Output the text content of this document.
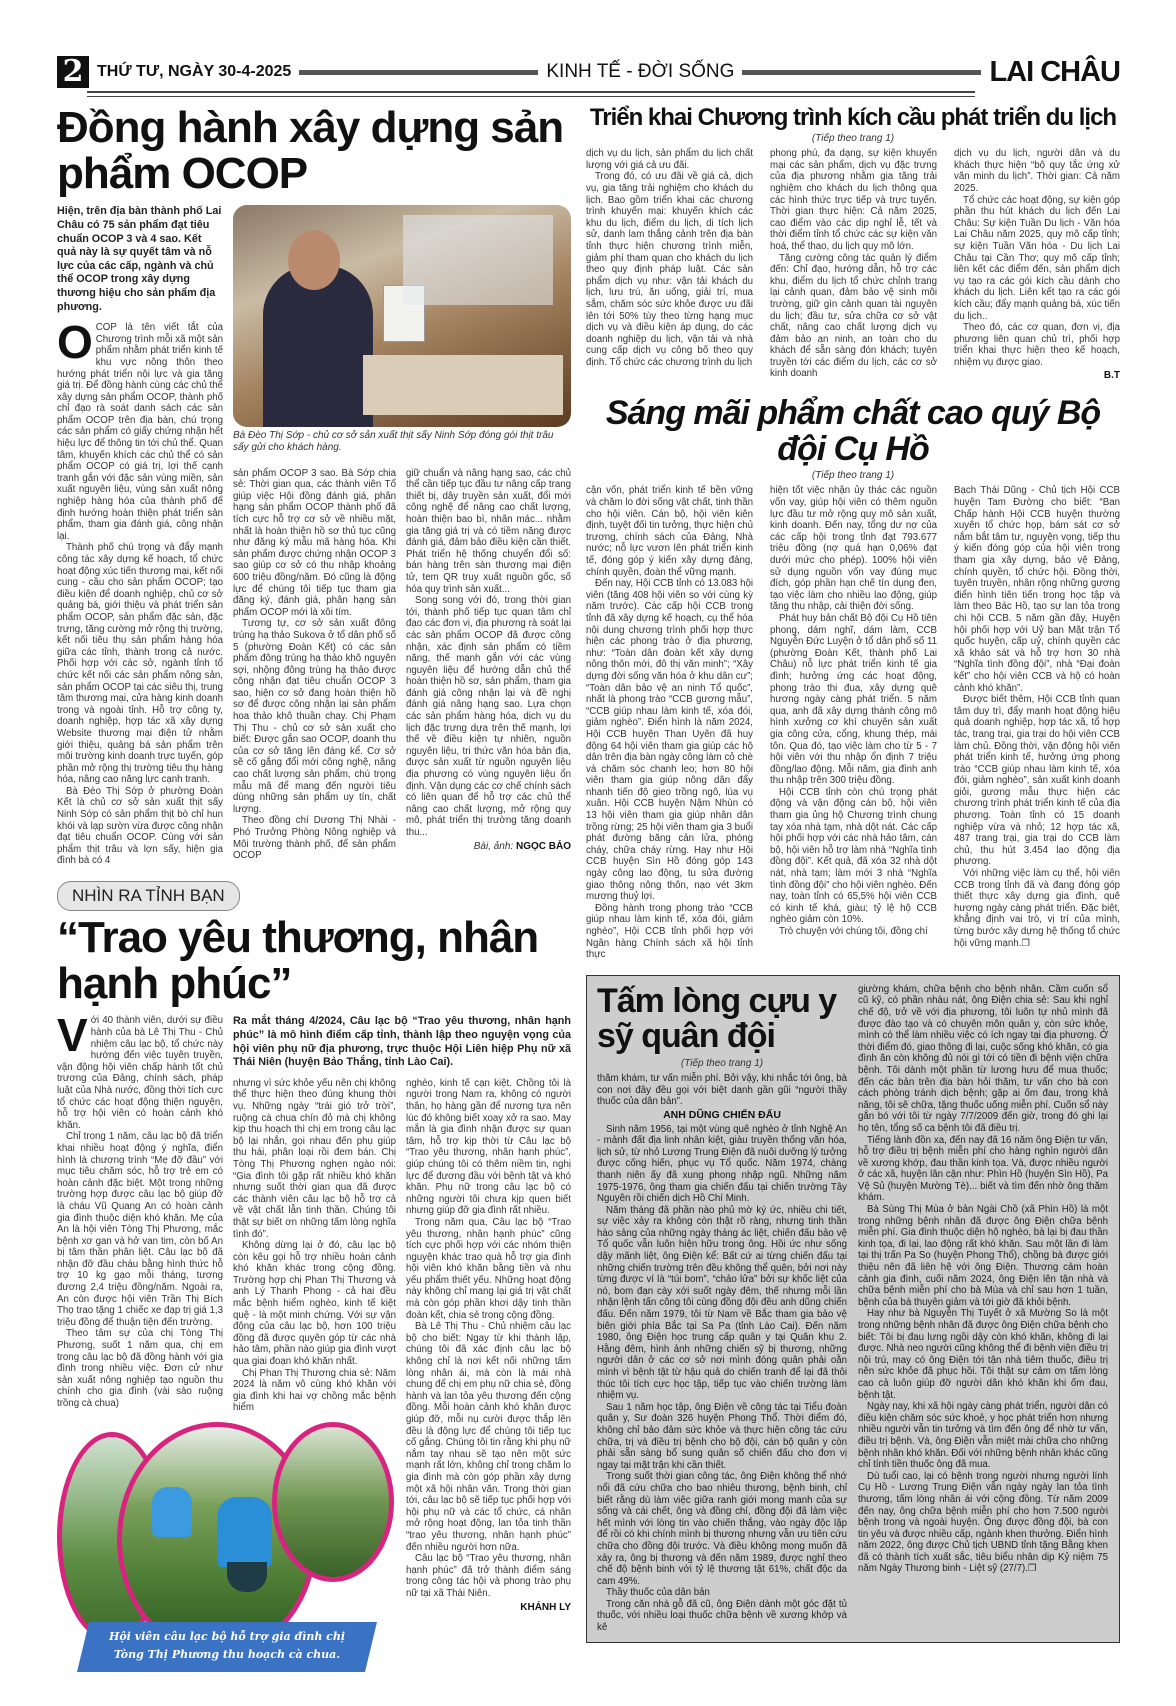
2 THỨ TƯ, NGÀY 30-4-2025	KINH TẾ - ĐỜI SỐNG	LAI CHÂU
Đồng hành xây dựng sản phẩm OCOP
Hiện, trên địa bàn thành phố Lai Châu có 75 sản phẩm đạt tiêu chuẩn OCOP 3 và 4 sao. Kết quả này là sự quyết tâm và nỗ lực của các cấp, ngành và chủ thể OCOP trong xây dựng thương hiệu cho sản phẩm địa phương.
O COP là tên viết tắt của Chương trình mỗi xã một sản phẩm nhằm phát triển kinh tế khu vực nông thôn theo hướng phát triển nội lực và gia tăng giá trị. Để đồng hành cùng các chủ thể xây dựng sản phẩm OCOP, thành phố chỉ đạo rà soát danh sách các sản phẩm OCOP trên địa bàn, chú trọng các sản phẩm có giấy chứng nhận hết hiệu lực để thông tin tới chủ thể. Quan tâm, khuyến khích các chủ thể có sản phẩm OCOP có giá trị, lợi thế cạnh tranh gắn với đặc sản vùng miền, sản xuất nguyên liệu, vùng sản xuất nông nghiệp hàng hóa của thành phố để định hướng hoàn thiện phát triển sản phẩm, tham gia đánh giá, công nhận lại.

Thành phố chú trọng và đẩy mạnh công tác xây dựng kế hoạch, tổ chức hoạt động xúc tiến thương mại, kết nối cung - cầu cho sản phẩm OCOP; tạo điều kiện để doanh nghiệp, chủ cơ sở quảng bá, giới thiệu và phát triển sản phẩm OCOP, sản phẩm đặc sản, đặc trưng, tăng cường mở rộng thị trường, kết nối tiêu thụ sản phẩm hàng hóa giữa các tỉnh, thành trong cả nước. Phối hợp với các sở, ngành tỉnh tổ chức kết nối các sản phẩm nông sản, sản phẩm OCOP tại các siêu thị, trung tâm thương mại, cửa hàng kinh doanh trong và ngoài tỉnh. Hỗ trợ công ty, doanh nghiệp, hợp tác xã xây dựng Website thương mại điện tử nhằm giới thiệu, quảng bá sản phẩm trên môi trường kinh doanh trực tuyến, góp phần mở rộng thị trường tiêu thụ hàng hóa, nâng cao năng lực cạnh tranh.

Bà Đèo Thị Sớp ở phường Đoàn Kết là chủ cơ sở sản xuất thịt sấy Ninh Sớp có sản phẩm thịt bò chỉ hun khói và lạp sườn vừa được công nhận đạt tiêu chuẩn OCOP. Cùng với sản phẩm thịt trâu và lợn sấy, hiện gia đình bà có 4

Bà Đèo Thị Sớp - chủ cơ sở sản xuất thịt sấy Ninh Sớp đóng gói thịt trâu sấy gửi cho khách hàng.

sản phẩm OCOP 3 sao. Bà Sớp chia sẻ: Thời gian qua, các thành viên Tổ giúp việc Hội đồng đánh giá, phân hạng sản phẩm OCOP thành phố đã tích cực hỗ trợ cơ sở về nhiều mặt, nhất là hoàn thiện hồ sơ thủ tục cũng như đăng ký mẫu mã hàng hóa. Khi sản phẩm được chứng nhận OCOP 3 sao giúp cơ sở có thu nhập khoảng 600 triệu đồng/năm. Đó cũng là động lực để chúng tôi tiếp tục tham gia đăng ký, đánh giá, phân hạng sản phẩm OCOP mới là xôi tím.

Tương tự, cơ sở sản xuất đông trùng hạ thảo Sukova ở tổ dân phố số 5 (phường Đoàn Kết) có các sản phẩm đông trùng hạ thảo khô nguyên sợi, nhộng đông trùng hạ thảo được công nhận đạt tiêu chuẩn OCOP 3 sao, hiện cơ sở đang hoàn thiện hồ sơ để được công nhận lại sản phẩm hoa thảo khô thuần chay. Chị Phạm Thị Thu - chủ cơ sở sản xuất cho biết: Được gắn sao OCOP, doanh thu của cơ sở tăng lên đáng kể. Cơ sở sẽ cố gắng đổi mới công nghệ, nâng cao chất lượng sản phẩm, chú trọng mẫu mã để mang đến người tiêu dùng những sản phẩm uy tín, chất lượng.

Theo đồng chí Dương Thị Nhài - Phó Trưởng Phòng Nông nghiệp và Môi trường thành phố, để sản phẩm OCOP

giữ chuẩn và nâng hạng sao, các chủ thể cần tiếp tục đầu tư nâng cấp trang thiết bị, dây truyền sản xuất, đổi mới công nghệ để nâng cao chất lượng, hoàn thiện bao bì, nhãn mác... nhằm gia tăng giá trị và có tiềm năng được đánh giá, đảm bảo điều kiện cần thiết. Phát triển hệ thống chuyển đổi số: bán hàng trên sàn thương mại điện tử, tem QR truy xuất nguồn gốc, số hóa quy trình sản xuất...

Song song với đó, trong thời gian tới, thành phố tiếp tục quan tâm chỉ đạo các đơn vị, địa phương rà soát lại các sản phẩm OCOP đã được công nhận, xác định sản phẩm có tiềm năng, thế mạnh gắn với các vùng nguyên liệu để hướng dẫn chủ thể hoàn thiện hồ sơ, sản phẩm, tham gia đánh giá công nhận lại và đề nghị đánh giá nâng hạng sao. Lựa chọn các sản phẩm hàng hóa, dịch vụ du lịch đặc trưng dựa trên thế mạnh, lợi thế về điều kiện tự nhiên, nguồn nguyên liệu, tri thức văn hóa bản địa, được sản xuất từ nguồn nguyên liệu địa phương có vùng nguyên liệu ổn định. Vận dụng các cơ chế chính sách có liên quan để hỗ trợ các chủ thể nâng cao chất lượng, mở rộng quy mô, phát triển thị trường tăng doanh thu...

Bài, ảnh: NGỌC BẢO
NHÌN RA TỈNH BẠN
“Trao yêu thương, nhân hạnh phúc”
V ới 40 thành viên, dưới sự điều hành của bà Lê Thị Thu - Chủ nhiệm câu lạc bộ, tổ chức này hướng đến việc tuyên truyền, vận động hội viên chấp hành tốt chủ trương của Đảng, chính sách, pháp luật của Nhà nước, đồng thời tích cực tổ chức các hoạt động thiện nguyện, hỗ trợ hội viên có hoàn cảnh khó khăn.

Chỉ trong 1 năm, câu lạc bộ đã triển khai nhiều hoạt động ý nghĩa, điển hình là chương trình “Mẹ đỡ đầu” với mục tiêu chăm sóc, hỗ trợ trẻ em có hoàn cảnh đặc biệt. Một trong những trường hợp được câu lạc bộ giúp đỡ là cháu Vũ Quang An có hoàn cảnh gia đình thuộc diện khó khăn. Mẹ của An là hội viên Tòng Thị Phương, mắc bệnh xơ gan và hở van tim, còn bố An bị tâm thần phân liệt. Câu lạc bộ đã nhận đỡ đầu cháu bằng hình thức hỗ trợ 10 kg gạo mỗi tháng, tương đương 2,4 triệu đồng/năm. Ngoài ra, An còn được hội viên Trần Thị Bích Thọ trao tặng 1 chiếc xe đạp trị giá 1,3 triệu đồng để thuận tiện đến trường.

Theo tâm sự của chị Tòng Thị Phương, suốt 1 năm qua, chị em trong câu lạc bộ đã đồng hành với gia đình trong nhiều việc. Đơn cử như sản xuất nông nghiệp tạo nguồn thu chính cho gia đình (vài sào ruộng trồng cà chua)

Ra mắt tháng 4/2024, Câu lạc bộ “Trao yêu thương, nhân hạnh phúc” là mô hình điểm cấp tỉnh, thành lập theo nguyện vọng của hội viên phụ nữ địa phương, trực thuộc Hội Liên hiệp Phụ nữ xã Thái Niên (huyện Bảo Thắng, tỉnh Lào Cai).

nhưng vì sức khỏe yếu nên chị không thể thực hiện theo đúng khung thời vụ. Những ngày “trái gió trở trời”, ruộng cà chua chín đỏ mà chị không kịp thu hoạch thì chị em trong câu lạc bộ lại nhắn, gọi nhau đến phụ giúp thu hái, phân loại rồi đem bán. Chị Tòng Thị Phương nghẹn ngào nói: “Gia đình tôi gặp rất nhiều khó khăn nhưng suốt thời gian qua đã được các thành viên câu lạc bộ hỗ trợ cả về vật chất lẫn tinh thần. Chúng tôi thật sự biết ơn những tấm lòng nghĩa tình đó”.

Không dừng lại ở đó, câu lạc bộ còn kêu gọi hỗ trợ nhiều hoàn cảnh khó khăn khác trong cộng đồng. Trường hợp chị Phan Thị Thương và anh Lý Thanh Phong - cả hai đều mắc bệnh hiểm nghèo, kinh tế kiệt quệ - là một minh chứng. Với sự vận động của câu lạc bộ, hơn 100 triệu đồng đã được quyên góp từ các nhà hảo tâm, phần nào giúp gia đình vượt qua giai đoạn khó khăn nhất.

Chị Phan Thị Thương chia sẻ: Năm 2024 là năm vô cùng khó khăn với gia đình khi hai vợ chồng mắc bệnh hiểm

nghèo, kinh tế cạn kiệt. Chồng tôi là người trong Nam ra, không có người thân, họ hàng gần để nương tựa nên lúc đó không biết xoay xở ra sao. May mắn là gia đình nhận được sự quan tâm, hỗ trợ kịp thời từ Câu lạc bộ “Trao yêu thương, nhân hạnh phúc”, giúp chúng tôi có thêm niềm tin, nghị lực để đương đầu với bệnh tật và khó khăn. Phụ nữ trong câu lạc bộ có những người tôi chưa kịp quen biết nhưng giúp đỡ gia đình rất nhiều.

Trong năm qua, Câu lạc bộ “Trao yêu thương, nhân hạnh phúc” cũng tích cực phối hợp với các nhóm thiện nguyện khác trao quà hỗ trợ gia đình hội viên khó khăn bằng tiền và nhu yếu phẩm thiết yếu. Những hoạt động này không chỉ mang lại giá trị vật chất mà còn góp phần khơi dậy tinh thần đoàn kết, chia sẻ trong cộng đồng.

Bà Lê Thị Thu - Chủ nhiệm câu lạc bộ cho biết: Ngay từ khi thành lập, chúng tôi đã xác định câu lạc bộ không chỉ là nơi kết nối những tấm lòng nhân ái, mà còn là mái nhà chung để chị em phụ nữ chia sẻ, đồng hành và lan tỏa yêu thương đến cộng đồng. Mỗi hoàn cảnh khó khăn được giúp đỡ, mỗi nụ cười được thắp lên đều là động lực để chúng tôi tiếp tục cố gắng. Chúng tôi tin rằng khi phụ nữ nắm tay nhau sẽ tạo nên một sức mạnh rất lớn, không chỉ trong chăm lo gia đình mà còn góp phần xây dựng một xã hội nhân văn. Trong thời gian tới, câu lạc bộ sẽ tiếp tục phối hợp với hội phụ nữ và các tổ chức, cá nhân mở rộng hoạt động, lan tỏa tinh thần “trao yêu thương, nhân hạnh phúc” đến nhiều người hơn nữa.

Câu lạc bộ “Trao yêu thương, nhân hạnh phúc” đã trở thành điểm sáng trong công tác hội và phong trào phụ nữ tại xã Thái Niên.

KHÁNH LY
Hội viên câu lạc bộ hỗ trợ gia đình chị Tòng Thị Phương thu hoạch cà chua.
Triển khai Chương trình kích cầu phát triển du lịch
(Tiếp theo trang 1)

dịch vụ du lịch, sản phẩm du lịch chất lượng với giá cả ưu đãi.

Trong đó, có ưu đãi về giá cả, dịch vụ, gia tăng trải nghiệm cho khách du lịch. Bao gồm triển khai các chương trình khuyến mại: khuyến khích các khu du lịch, điểm du lịch, di tích lịch sử, danh lam thắng cảnh trên địa bàn tỉnh thực hiện chương trình miễn, giảm phí tham quan cho khách du lịch theo quy định pháp luật. Các sản phẩm dịch vụ như: vận tải khách du lịch, lưu trú, ăn uống, giải trí, mua sắm, chăm sóc sức khỏe được ưu đãi lên tới 50% tùy theo từng hạng mục dịch vụ và điều kiện áp dụng, do các doanh nghiệp du lịch, vận tải và nhà cung cấp dịch vụ công bố theo quy định. Tổ chức các chương trình du lịch

phong phú, đa dạng, sự kiện khuyến mại các sản phẩm, dịch vụ đặc trưng của địa phương nhằm gia tăng trải nghiệm cho khách du lịch thông qua các hình thức trực tiếp và trực tuyến. Thời gian thực hiện: Cả năm 2025, cao điểm vào các dịp nghỉ lễ, tết và thời điểm tỉnh tổ chức các sự kiện văn hoá, thể thao, du lịch quy mô lớn.

Tăng cường công tác quản lý điểm đến: Chỉ đạo, hướng dẫn, hỗ trợ các khu, điểm du lịch tổ chức chỉnh trang lại cảnh quan, đảm bảo vệ sinh môi trường, giữ gìn cảnh quan tài nguyên du lịch; đầu tư, sửa chữa cơ sở vật chất, nâng cao chất lượng dịch vụ đảm bảo an ninh, an toàn cho du khách để sẵn sàng đón khách; tuyên truyền tới các điểm du lịch, các cơ sở kinh doanh

dịch vụ du lịch, người dân và du khách thực hiện “bộ quy tắc ứng xử văn minh du lịch”. Thời gian: Cả năm 2025.

Tổ chức các hoạt động, sự kiện góp phần thu hút khách du lịch đến Lai Châu: Sự kiện Tuần Du lịch - Văn hóa Lai Châu năm 2025, quy mô cấp tỉnh; sự kiện Tuần Văn hóa - Du lịch Lai Châu tại Cần Thơ; quy mô cấp tỉnh; liên kết các điểm đến, sản phẩm dịch vụ tạo ra các gói kích cầu dành cho khách du lịch. Liên kết tạo ra các gói kích cầu; đẩy mạnh quảng bá, xúc tiến du lịch..

Theo đó, các cơ quan, đơn vị, địa phương liên quan chủ trì, phối hợp triển khai thực hiện theo kế hoạch, nhiệm vụ được giao.

B.T
Sáng mãi phẩm chất cao quý Bộ đội Cụ Hồ
(Tiếp theo trang 1)

cận vốn, phát triển kinh tế bền vững và chăm lo đời sống vật chất, tinh thần cho hội viên. Cán bộ, hội viên kiên định, tuyệt đối tin tưởng, thực hiện chủ trương, chính sách của Đảng, Nhà nước; nỗ lực vươn lên phát triển kinh tế, đóng góp ý kiến xây dựng đảng, chính quyền, đoàn thể vững mạnh.

Đến nay, Hội CCB tỉnh có 13.083 hội viên (tăng 408 hội viên so với cùng kỳ năm trước). Các cấp hội CCB trong tỉnh đã xây dựng kế hoạch, cụ thể hóa nội dung chương trình phối hợp thực hiện các phong trào ở địa phương, như: “Toàn dân đoàn kết xây dựng nông thôn mới, đô thị văn minh”; “Xây dựng đời sống văn hóa ở khu dân cư”; “Toàn dân bảo vệ an ninh Tổ quốc”, nhất là phong trào “CCB gương mẫu”, “CCB giúp nhau làm kinh tế, xóa đói, giảm nghèo”. Điển hình là năm 2024, Hội CCB huyện Than Uyên đã huy động 64 hội viên tham gia giúp các hộ dân trên địa bàn ngày công làm cỏ chè và chăm sóc chanh leo; hơn 80 hội viên tham gia giúp nông dân đẩy nhanh tiến độ gieo trồng ngô, lúa vụ xuân. Hội CCB huyện Nậm Nhùn có 13 hội viên tham gia giúp nhân dân trồng rừng; 25 hội viên tham gia 3 buổi phát đường băng cản lửa, phòng cháy, chữa cháy rừng. Hay như Hội CCB huyện Sìn Hồ đóng góp 143 ngày công lao động, tu sửa đường giao thông nông thôn, nạo vét 3km mương thuỷ lợi.

Đồng hành trong phong trào “CCB giúp nhau làm kinh tế, xóa đói, giảm nghèo”, Hội CCB tỉnh phối hợp với Ngân hàng Chính sách xã hội tỉnh thực

hiện tốt việc nhận ủy thác các nguồn vốn vay, giúp hội viên có thêm nguồn lực đầu tư mở rộng quy mô sản xuất, kinh doanh. Đến nay, tổng dư nợ của các cấp hội trong tỉnh đạt 793.677 triệu đồng (nợ quá hạn 0,06% đạt dưới mức cho phép). 100% hội viên sử dụng nguồn vốn vay đúng mục đích, góp phần hạn chế tín dụng đen, tạo việc làm cho nhiều lao động, giúp tăng thu nhập, cải thiện đời sống.

Phát huy bản chất Bộ đội Cụ Hồ tiên phong, dám nghĩ, dám làm, CCB Nguyễn Đức Luyện ở tổ dân phố số 11 (phường Đoàn Kết, thành phố Lai Châu) nỗ lực phát triển kinh tế gia đình; hưởng ứng các hoạt động, phong trào thi đua, xây dựng quê hương ngày càng phát triển. 5 năm qua, anh đã xây dựng thành công mô hình xưởng cơ khí chuyên sản xuất gia công cửa, cổng, khung thép, mái tôn. Qua đó, tạo việc làm cho từ 5 - 7 hội viên với thu nhập ổn định 7 triệu đồng/lao động. Mỗi năm, gia đình anh thu nhập trên 300 triệu đồng.

Hội CCB tỉnh còn chú trọng phát động và vận động cán bộ, hội viên tham gia ủng hộ Chương trình chung tay xóa nhà tạm, nhà dột nát. Các cấp hội phối hợp với các nhà hảo tâm, cán bộ, hội viên hỗ trợ làm nhà “Nghĩa tình đồng đội”. Kết quả, đã xóa 32 nhà dột nát, nhà tạm; làm mới 3 nhà “Nghĩa tình đồng đội” cho hội viên nghèo. Đến nay, toàn tỉnh có 65,5% hội viên CCB có kinh tế khá, giàu; tỷ lệ hộ CCB nghèo giảm còn 10%.

Trò chuyện với chúng tôi, đồng chí

Bạch Thái Dũng - Chủ tịch Hội CCB huyện Tam Đường cho biết: “Ban Chấp hành Hội CCB huyện thường xuyên tổ chức họp, bám sát cơ sở nắm bắt tâm tư, nguyện vọng, tiếp thu ý kiến đóng góp của hội viên trong tham gia xây dựng, bảo vệ Đảng, chính quyền, tổ chức hội. Đồng thời, tuyên truyền, nhân rộng những gương điển hình tiên tiến trong học tập và làm theo Bác Hồ, tạo sự lan tỏa trong chi hội CCB. 5 năm gần đây, Huyện hội phối hợp với Uỷ ban Mặt trận Tổ quốc huyện, cấp uỷ, chính quyền các xã khảo sát và hỗ trợ hơn 30 nhà “Nghĩa tình đồng đội”, nhà “Đại đoàn kết” cho hội viên CCB và hộ có hoàn cảnh khó khăn”.

Được biết thêm, Hội CCB tỉnh quan tâm duy trì, đẩy mạnh hoạt động hiệu quả doanh nghiệp, hợp tác xã, tổ hợp tác, trang trại, gia trại do hội viên CCB làm chủ. Đồng thời, vận động hội viên phát triển kinh tế, hưởng ứng phong trào “CCB giúp nhau làm kinh tế, xóa đói, giảm nghèo”, sản xuất kinh doanh giỏi, gương mẫu thực hiện các chương trình phát triển kinh tế của địa phương. Toàn tỉnh có 15 doanh nghiệp vừa và nhỏ; 12 hợp tác xã, 487 trang trại, gia trại do CCB làm chủ, thu hút 3.454 lao động địa phương.

Với những việc làm cụ thể, hội viên CCB trong tỉnh đã và đang đóng góp thiết thực xây dựng gia đình, quê hương ngày càng phát triển. Đặc biệt, khẳng định vai trò, vị trí của mình, từng bước xây dựng hệ thống tổ chức hội vững mạnh.❐

Tấm lòng cựu y sỹ quân đội
(Tiếp theo trang 1)

thăm khám, tư vấn miễn phí. Bởi vậy, khi nhắc tới ông, bà con nơi đây đều gọi với biệt danh gần gũi “người thầy thuốc của dân bản”.

ANH DŨNG CHIẾN ĐẤU

Sinh năm 1956, tại một vùng quê nghèo ở tỉnh Nghệ An - mảnh đất địa linh nhân kiệt, giàu truyền thống văn hóa, lịch sử, từ nhỏ Lương Trung Điện đã nuôi dưỡng lý tưởng được cống hiến, phục vụ Tổ quốc. Năm 1974, chàng thanh niên ấy đã xung phong nhập ngũ. Những năm 1975-1976, ông tham gia chiến đấu tại chiến trường Tây Nguyên rồi chiến dịch Hồ Chí Minh.

Năm tháng đã phần nào phủ mờ ký ức, nhiều chi tiết, sự việc xảy ra không còn thật rõ ràng, nhưng tinh thần hào sảng của những ngày tháng ác liệt, chiến đấu bảo vệ Tổ quốc vẫn luôn hiện hữu trong ông. Hồi ức như sống dậy mãnh liệt, ông Điện kể: Bất cứ ai từng chiến đấu tại những chiến trường trên đều không thể quên, bởi nơi này từng được ví là “túi bom”, “chảo lửa” bởi sự khốc liệt của nó, bom đạn cày xới suốt ngày đêm, thế nhưng mỗi lần nhận lệnh tấn công tôi cùng đồng đội đều anh dũng chiến đấu. Đến năm 1979, tôi từ Nam về Bắc tham gia bảo vệ biên giới phía Bắc tại Sa Pa (tỉnh Lào Cai). Đến năm 1980, ông Điện học trung cấp quân y tại Quân khu 2. Hằng đêm, hình ảnh những chiến sỹ bị thương, những người dân ở các cơ sở nơi mình đóng quân phải oằn mình vì bệnh tật từ hậu quả do chiến tranh để lại đã thôi thúc tôi tích cực học tập, tiếp tục vào chiến trường làm nhiệm vụ.

Sau 1 năm học tập, ông Điện về công tác tại Tiểu đoàn quân y, Sư đoàn 326 huyện Phong Thổ. Thời điểm đó, không chỉ bảo đảm sức khỏe và thực hiện công tác cứu chữa, trị và điều trị bệnh cho bộ đội, cán bộ quân y còn phải sẵn sàng bổ sung quân số chiến đấu cho đơn vị ngay tại mặt trận khi cần thiết.

Trong suốt thời gian công tác, ông Điện không thể nhớ nổi đã cứu chữa cho bao nhiêu thương, bệnh binh, chỉ biết rằng dù làm việc giữa ranh giới mong manh của sự sống và cái chết, ông và đồng chí, đồng đội đã làm việc hết mình với lòng tin vào chiến thắng, vào ngày độc lập để rồi có khi chính mình bị thương nhưng vẫn ưu tiên cứu chữa cho đồng đội trước. Và điều không mong muốn đã xảy ra, ông bị thương và đến năm 1989, được nghỉ theo chế độ bệnh binh với tỷ lệ thương tật 61%, chất độc da cam 49%.

Thầy thuốc của dân bản

Trong căn nhà gỗ đã cũ, ông Điện dành một góc đặt tủ thuốc, với nhiều loại thuốc chữa bệnh về xương khớp và kê

giường khám, chữa bệnh cho bệnh nhân. Cầm cuốn sổ cũ kỹ, có phần nhàu nát, ông Điện chia sẻ: Sau khi nghỉ chế độ, trở về với địa phương, tôi luôn tự nhủ mình đã được đào tạo và có chuyên môn quân y, còn sức khỏe, mình có thể làm nhiều việc có ích ngay tại địa phương. Ở thời điểm đó, giao thông đi lại, cuộc sống khó khăn, có gia đình ăn còn không đủ nói gì tới có tiền đi bệnh viện chữa bệnh. Tôi dành một phần từ lương hưu để mua thuốc; đến các bản trên địa bàn hỏi thăm, tư vấn cho bà con cách phòng tránh dịch bệnh; gặp ai ốm đau, trong khả năng, tôi sẽ chữa, tặng thuốc uống miễn phí. Cuốn sổ này gắn bó với tôi từ ngày 7/7/2009 đến giờ, trong đó ghi lại họ tên, tổng số ca bệnh tôi đã điều trị.

Tiếng lành đồn xa, đến nay đã 16 năm ông Điện tư vấn, hỗ trợ điều trị bệnh miễn phí cho hàng nghìn người dân về xương khớp, đau thần kinh tọa. Và, được nhiều người ở các xã, huyện lân cận như: Phìn Hồ (huyện Sìn Hồ), Pa Vệ Sủ (huyện Mường Tè)... biết và tìm đến nhờ ông thăm khám.

Bà Sùng Thị Mùa ở bản Ngài Chồ (xã Phìn Hồ) là một trong những bệnh nhân đã được ông Điện chữa bệnh miễn phí. Gia đình thuộc diện hộ nghèo, bà lại bị đau thần kinh tọa, đi lại, lao động rất khó khăn. Sau một lần đi làm tại thị trấn Pa So (huyện Phong Thổ), chồng bà được giới thiệu nên đã liên hệ với ông Điện. Thương cảm hoàn cảnh gia đình, cuối năm 2024, ông Điện lên tận nhà và chữa bệnh miễn phí cho bà Mùa và chỉ sau hơn 1 tuần, bệnh của bà thuyên giảm và tới giờ đã khỏi bệnh.

Hay như bà Nguyễn Thị Tuyết ở xã Mường So là một trong những bệnh nhân đã được ông Điện chữa bệnh cho biết: Tôi bị đau lưng ngồi dậy còn khó khăn, không đi lại được. Nhà neo người cũng không thể đi bệnh viện điều trị nội trú, may có ông Điện tới tận nhà tiêm thuốc, điều trị nên sức khỏe đã phục hồi. Tôi thật sự cảm ơn tấm lòng cao cả luôn giúp đỡ người dân khó khăn khi ốm đau, bệnh tật.

Ngày nay, khi xã hội ngày càng phát triển, người dân có điều kiện chăm sóc sức khoẻ, y học phát triển hơn nhưng nhiều người vẫn tin tưởng và tìm đến ông để nhờ tư vấn, điều trị bệnh. Và, ông Điện vẫn miệt mài chữa cho những bệnh nhân khó khăn. Đối với những bệnh nhân khác cũng chỉ tính tiền thuốc ông đã mua.

Dù tuổi cao, lại có bệnh trong người nhưng người lính Cụ Hồ - Lương Trung Điện vẫn ngày ngày lan tỏa tình thương, tấm lòng nhân ái với cộng đồng. Từ năm 2009 đến nay, ông chữa bệnh miễn phí cho hơn 7.500 người bệnh trong và ngoài huyện. Ông được đồng đội, bà con tin yêu và được nhiều cấp, ngành khen thưởng. Điển hình năm 2022, ông được Chủ tịch UBND tỉnh tặng Bằng khen đã có thành tích xuất sắc, tiêu biểu nhân dịp Kỷ niệm 75 năm Ngày Thương binh - Liệt sỹ (27/7).❐
